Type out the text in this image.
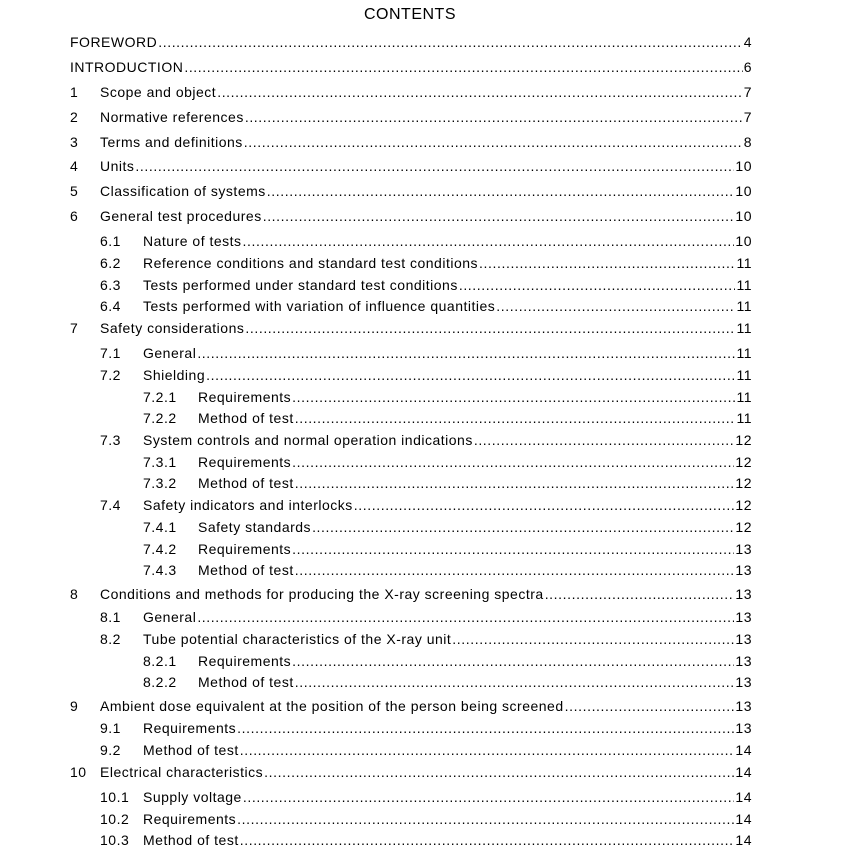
CONTENTS
FOREWORD .....	4
INTRODUCTION .....	6
1	Scope and object .....	7
2	Normative references .....	7
3	Terms and definitions .....	8
4	Units .....	10
5	Classification of systems .....	10
6	General test procedures .....	10
6.1	Nature of tests .....	10
6.2	Reference conditions and standard test conditions .....	11
6.3	Tests performed under standard test conditions .....	11
6.4	Tests performed with variation of influence quantities .....	11
7	Safety considerations .....	11
7.1	General .....	11
7.2	Shielding .....	11
7.2.1	Requirements .....	11
7.2.2	Method of test .....	11
7.3	System controls and normal operation indications .....	12
7.3.1	Requirements .....	12
7.3.2	Method of test .....	12
7.4	Safety indicators and interlocks .....	12
7.4.1	Safety standards .....	12
7.4.2	Requirements .....	13
7.4.3	Method of test .....	13
8	Conditions and methods for producing the X-ray screening spectra .....	13
8.1	General .....	13
8.2	Tube potential characteristics of the X-ray unit .....	13
8.2.1	Requirements .....	13
8.2.2	Method of test .....	13
9	Ambient dose equivalent at the position of the person being screened .....	13
9.1	Requirements .....	13
9.2	Method of test .....	14
10 Electrical characteristics .....	14
10.1 Supply voltage .....	14
10.2 Requirements .....	14
10.3 Method of test .....	14
